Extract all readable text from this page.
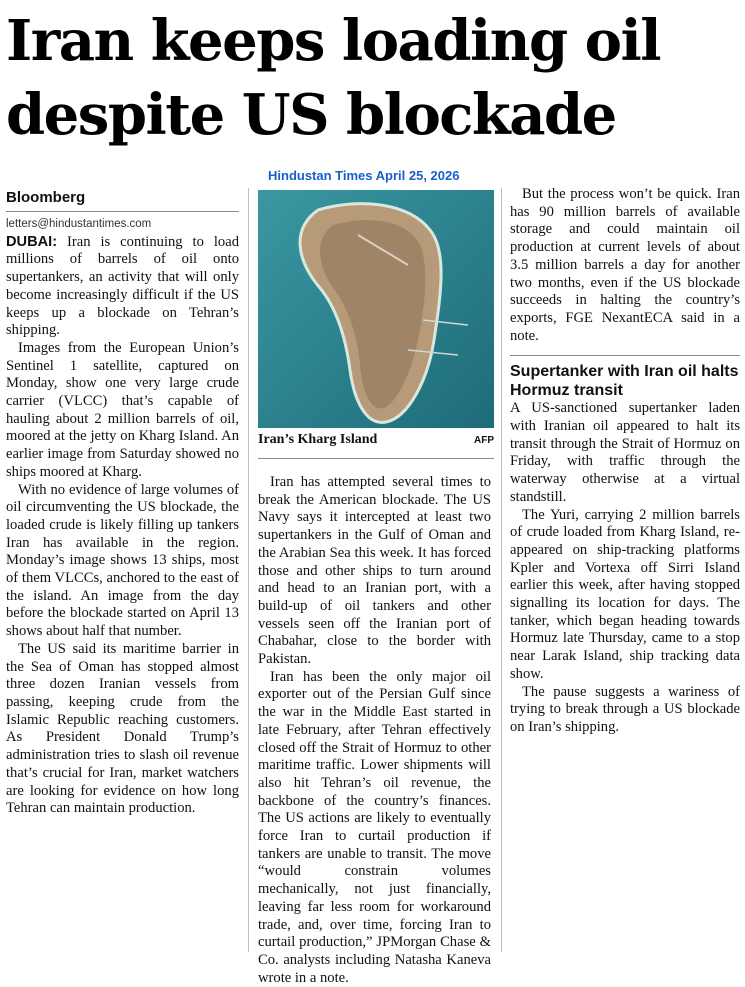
Iran keeps loading oil
despite US blockade
Hindustan Times April 25, 2026

Bloomberg

letters@hindustantimes.com

DUBAI: Iran is continuing to load millions of barrels of oil onto supertankers, an activity that will only become increasingly difficult if the US keeps up a blockade on Tehran’s shipping.

Images from the European Union’s Sentinel 1 satellite, captured on Monday, show one very large crude carrier (VLCC) that’s capable of hauling about 2 million barrels of oil, moored at the jetty on Kharg Island. An earlier image from Saturday showed no ships moored at Kharg.

With no evidence of large volumes of oil circumventing the US blockade, the loaded crude is likely filling up tankers Iran has available in the region. Monday’s image shows 13 ships, most of them VLCCs, anchored to the east of the island. An image from the day before the blockade started on April 13 shows about half that number.

The US said its maritime barrier in the Sea of Oman has stopped almost three dozen Iranian vessels from passing, keeping crude from the Islamic Republic reaching customers. As President Donald Trump’s administration tries to slash oil revenue that’s crucial for Iran, market watchers are looking for evidence on how long Tehran can maintain production.

Iran’s Kharg Island	AFP

Iran has attempted several times to break the American blockade. The US Navy says it intercepted at least two supertankers in the Gulf of Oman and the Arabian Sea this week. It has forced those and other ships to turn around and head to an Iranian port, with a build-up of oil tankers and other vessels seen off the Iranian port of Chabahar, close to the border with Pakistan.

Iran has been the only major oil exporter out of the Persian Gulf since the war in the Middle East started in late February, after Tehran effectively closed off the Strait of Hormuz to other maritime traffic. Lower shipments will also hit Tehran’s oil revenue, the backbone of the country’s finances. The US actions are likely to eventually force Iran to curtail production if tankers are unable to transit. The move “would constrain volumes mechanically, not just financially, leaving far less room for workaround trade, and, over time, forcing Iran to curtail production,” JPMorgan Chase & Co. analysts including Natasha Kaneva wrote in a note.

But the process won’t be quick. Iran has 90 million barrels of available storage and could maintain oil production at current levels of about 3.5 million barrels a day for another two months, even if the US blockade succeeds in halting the country’s exports, FGE NexantECA said in a note.

Supertanker with Iran oil halts Hormuz transit

A US-sanctioned supertanker laden with Iranian oil appeared to halt its transit through the Strait of Hormuz on Friday, with traffic through the waterway otherwise at a virtual standstill.

The Yuri, carrying 2 million barrels of crude loaded from Kharg Island, re-appeared on ship-tracking platforms Kpler and Vortexa off Sirri Island earlier this week, after having stopped signalling its location for days. The tanker, which began heading towards Hormuz late Thursday, came to a stop near Larak Island, ship tracking data show.

The pause suggests a wariness of trying to break through a US blockade on Iran’s shipping.
